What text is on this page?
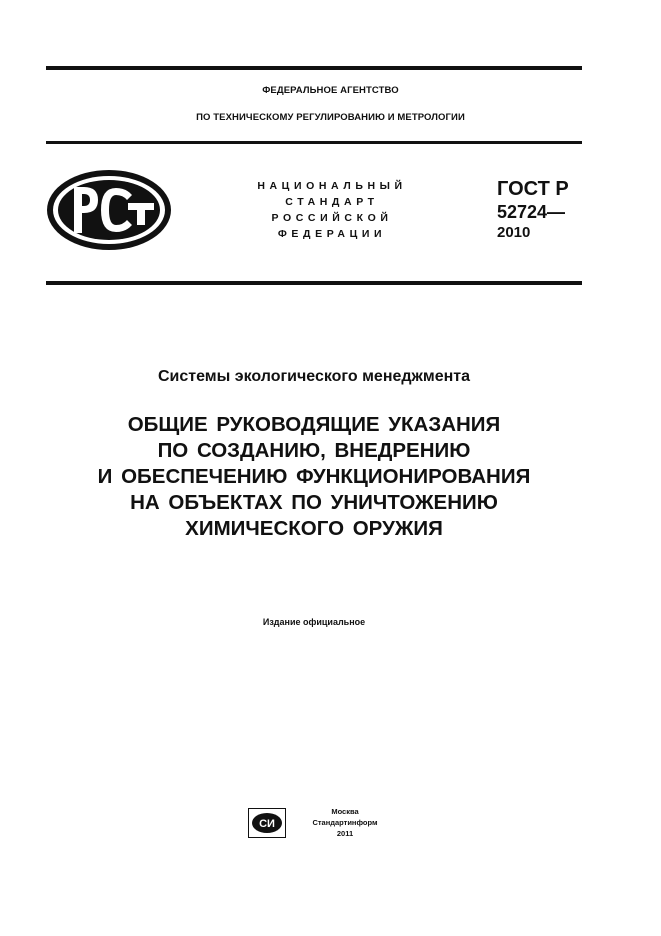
ФЕДЕРАЛЬНОЕ АГЕНТСТВО
ПО ТЕХНИЧЕСКОМУ РЕГУЛИРОВАНИЮ И МЕТРОЛОГИИ
РСТ
НАЦИОНАЛЬНЫЙ
СТАНДАРТ
РОССИЙСКОЙ
ФЕДЕРАЦИИ
ГОСТ Р
52724—
2010
Системы экологического менеджмента
ОБЩИЕ РУКОВОДЯЩИЕ УКАЗАНИЯ
ПО СОЗДАНИЮ, ВНЕДРЕНИЮ
И ОБЕСПЕЧЕНИЮ ФУНКЦИОНИРОВАНИЯ
НА ОБЪЕКТАХ ПО УНИЧТОЖЕНИЮ
ХИМИЧЕСКОГО ОРУЖИЯ
Издание официальное
СИ
Москва
Стандартинформ
2011
